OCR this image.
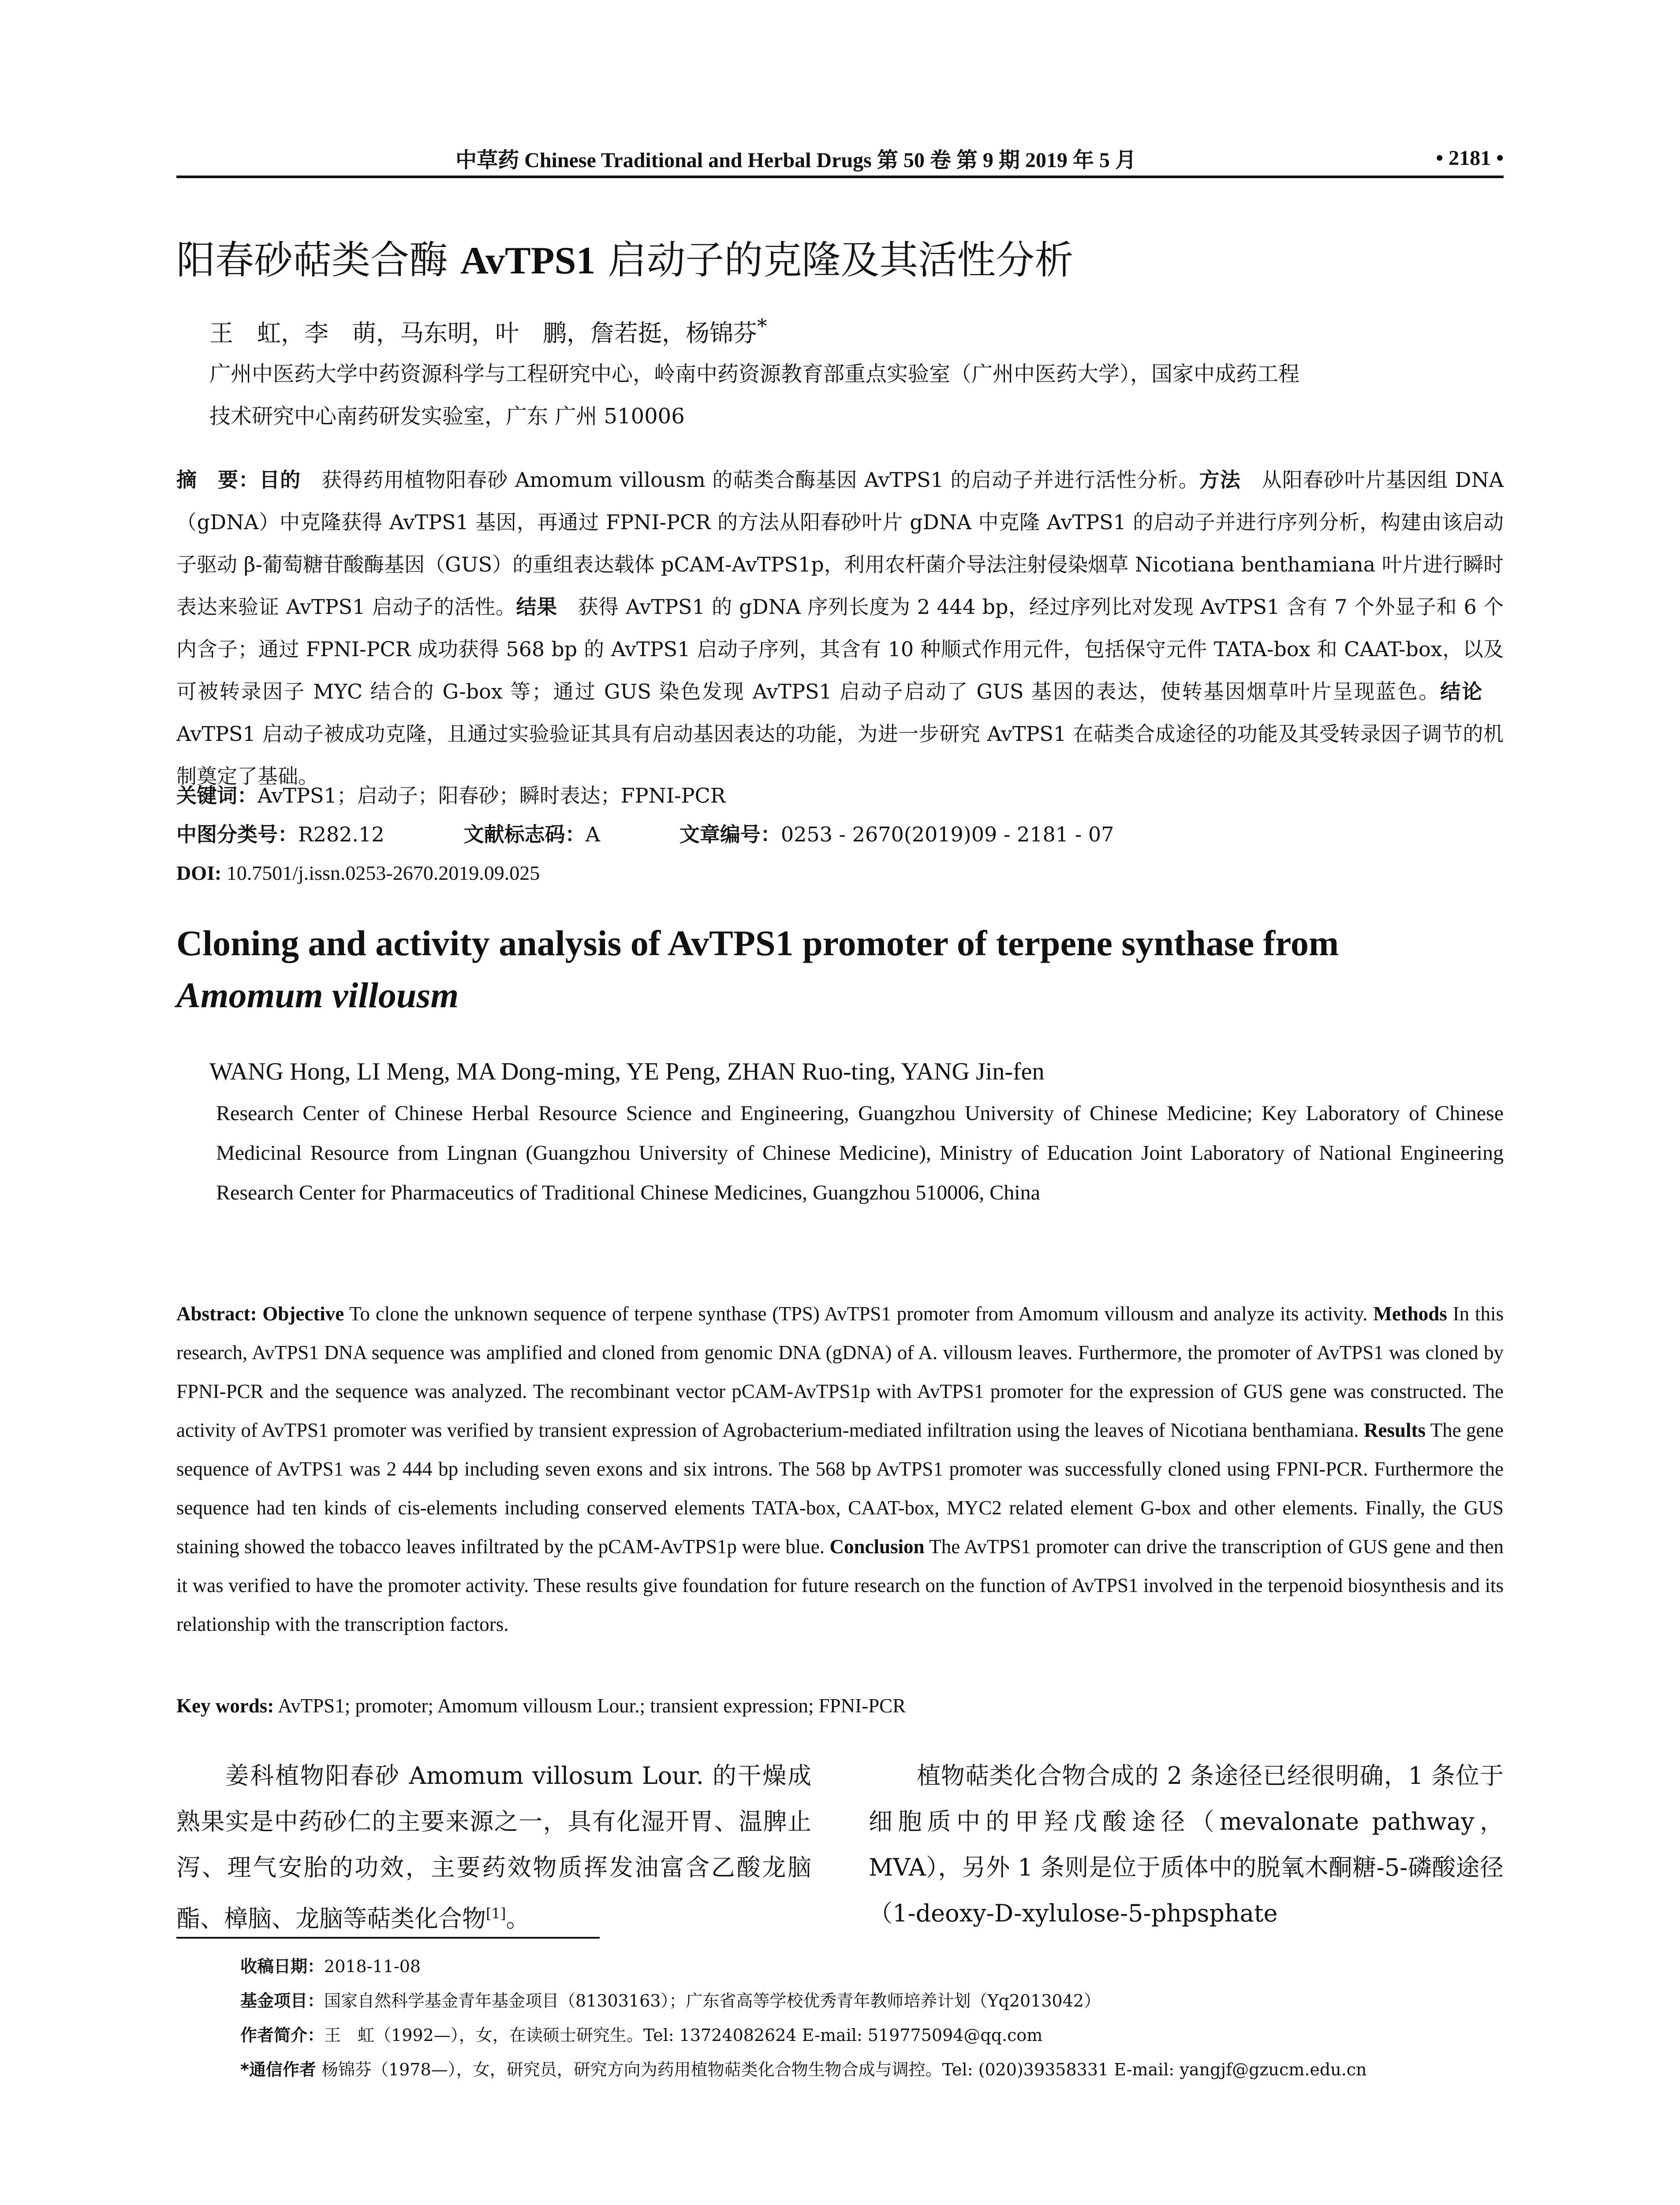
中草药 Chinese Traditional and Herbal Drugs 第 50 卷 第 9 期 2019 年 5 月	• 2181 •
阳春砂萜类合酶 AvTPS1 启动子的克隆及其活性分析
王　虹，李　萌，马东明，叶　鹏，詹若挺，杨锦芬*
广州中医药大学中药资源科学与工程研究中心，岭南中药资源教育部重点实验室（广州中医药大学），国家中成药工程
技术研究中心南药研发实验室，广东 广州 510006
摘　要：目的　获得药用植物阳春砂 Amomum villousm 的萜类合酶基因 AvTPS1 的启动子并进行活性分析。方法　从阳春砂叶片基因组 DNA（gDNA）中克隆获得 AvTPS1 基因，再通过 FPNI-PCR 的方法从阳春砂叶片 gDNA 中克隆 AvTPS1 的启动子并进行序列分析，构建由该启动子驱动 β-葡萄糖苷酸酶基因（GUS）的重组表达载体 pCAM-AvTPS1p，利用农杆菌介导法注射侵染烟草 Nicotiana benthamiana 叶片进行瞬时表达来验证 AvTPS1 启动子的活性。结果　获得 AvTPS1 的 gDNA 序列长度为 2 444 bp，经过序列比对发现 AvTPS1 含有 7 个外显子和 6 个内含子；通过 FPNI-PCR 成功获得 568 bp 的 AvTPS1 启动子序列，其含有 10 种顺式作用元件，包括保守元件 TATA-box 和 CAAT-box，以及可被转录因子 MYC 结合的 G-box 等；通过 GUS 染色发现 AvTPS1 启动子启动了 GUS 基因的表达，使转基因烟草叶片呈现蓝色。结论　AvTPS1 启动子被成功克隆，且通过实验验证其具有启动基因表达的功能，为进一步研究 AvTPS1 在萜类合成途径的功能及其受转录因子调节的机制奠定了基础。
关键词：AvTPS1；启动子；阳春砂；瞬时表达；FPNI-PCR
中图分类号：R282.12	文献标志码：A	文章编号：0253 - 2670(2019)09 - 2181 - 07
DOI: 10.7501/j.issn.0253-2670.2019.09.025
Cloning and activity analysis of AvTPS1 promoter of terpene synthase from
Amomum villousm
WANG Hong, LI Meng, MA Dong-ming, YE Peng, ZHAN Ruo-ting, YANG Jin-fen
Research Center of Chinese Herbal Resource Science and Engineering, Guangzhou University of Chinese Medicine; Key Laboratory of Chinese Medicinal Resource from Lingnan (Guangzhou University of Chinese Medicine), Ministry of Education Joint Laboratory of National Engineering Research Center for Pharmaceutics of Traditional Chinese Medicines, Guangzhou 510006, China
Abstract: Objective To clone the unknown sequence of terpene synthase (TPS) AvTPS1 promoter from Amomum villousm and analyze its activity. Methods In this research, AvTPS1 DNA sequence was amplified and cloned from genomic DNA (gDNA) of A. villousm leaves. Furthermore, the promoter of AvTPS1 was cloned by FPNI-PCR and the sequence was analyzed. The recombinant vector pCAM-AvTPS1p with AvTPS1 promoter for the expression of GUS gene was constructed. The activity of AvTPS1 promoter was verified by transient expression of Agrobacterium-mediated infiltration using the leaves of Nicotiana benthamiana. Results The gene sequence of AvTPS1 was 2 444 bp including seven exons and six introns. The 568 bp AvTPS1 promoter was successfully cloned using FPNI-PCR. Furthermore the sequence had ten kinds of cis-elements including conserved elements TATA-box, CAAT-box, MYC2 related element G-box and other elements. Finally, the GUS staining showed the tobacco leaves infiltrated by the pCAM-AvTPS1p were blue. Conclusion The AvTPS1 promoter can drive the transcription of GUS gene and then it was verified to have the promoter activity. These results give foundation for future research on the function of AvTPS1 involved in the terpenoid biosynthesis and its relationship with the transcription factors.
Key words: AvTPS1; promoter; Amomum villousm Lour.; transient expression; FPNI-PCR
姜科植物阳春砂 Amomum villosum Lour. 的干燥成熟果实是中药砂仁的主要来源之一，具有化湿开胃、温脾止泻、理气安胎的功效，主要药效物质挥发油富含乙酸龙脑酯、樟脑、龙脑等萜类化合物[1]。
植物萜类化合物合成的 2 条途径已经很明确，1 条位于细胞质中的甲羟戊酸途径（mevalonate pathway，MVA），另外 1 条则是位于质体中的脱氧木酮糖-5-磷酸途径（1-deoxy-D-xylulose-5-phpsphate
收稿日期：2018-11-08
基金项目：国家自然科学基金青年基金项目（81303163）；广东省高等学校优秀青年教师培养计划（Yq2013042）
作者简介：王　虹（1992—），女，在读硕士研究生。Tel: 13724082624 E-mail: 519775094@qq.com
*通信作者 杨锦芬（1978—），女，研究员，研究方向为药用植物萜类化合物生物合成与调控。Tel: (020)39358331 E-mail: yangjf@gzucm.edu.cn
